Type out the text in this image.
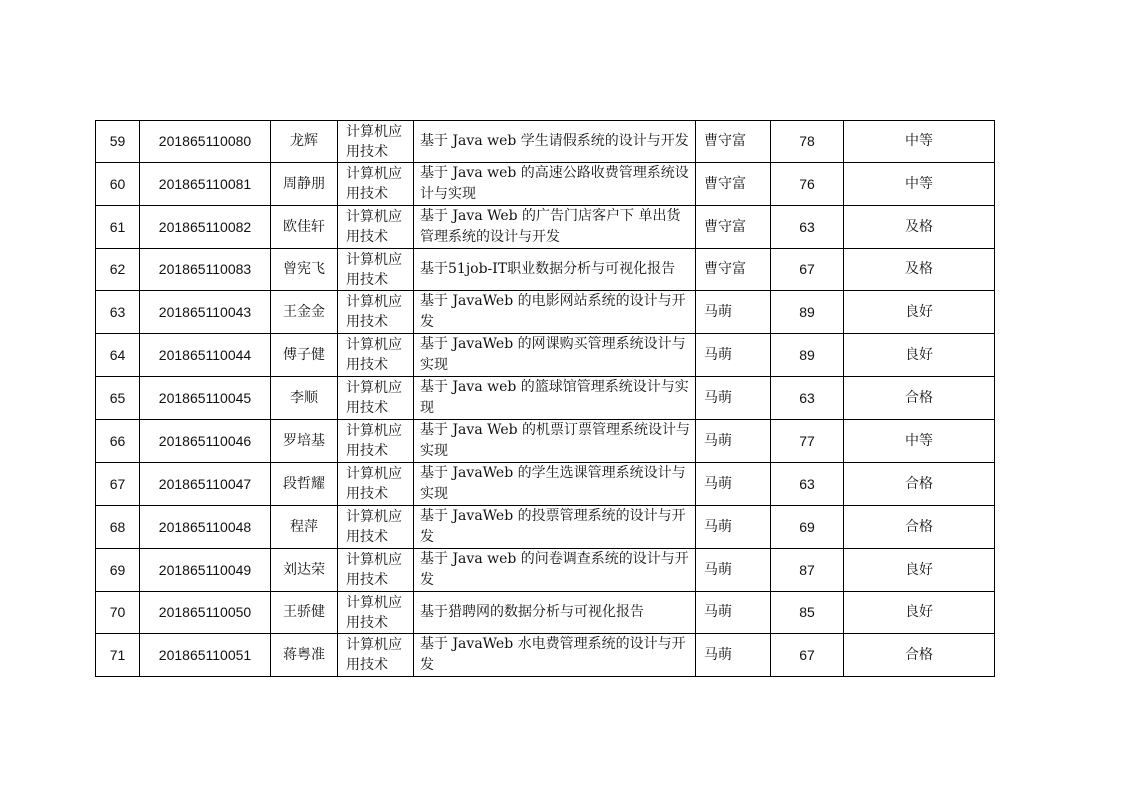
59	201865110080	龙辉	计算机应用技术	基于 Java web 学生请假系统的设计与开发	曹守富	78	中等
60	201865110081	周静朋	计算机应用技术	基于 Java web 的高速公路收费管理系统设计与实现	曹守富	76	中等
61	201865110082	欧佳轩	计算机应用技术	基于 Java Web 的广告门店客户下 单出货管理系统的设计与开发	曹守富	63	及格
62	201865110083	曾宪飞	计算机应用技术	基于51job-IT职业数据分析与可视化报告	曹守富	67	及格
63	201865110043	王金金	计算机应用技术	基于 JavaWeb 的电影网站系统的设计与开发	马萌	89	良好
64	201865110044	傅子健	计算机应用技术	基于 JavaWeb 的网课购买管理系统设计与实现	马萌	89	良好
65	201865110045	李顺	计算机应用技术	基于 Java web 的篮球馆管理系统设计与实现	马萌	63	合格
66	201865110046	罗培基	计算机应用技术	基于 Java Web 的机票订票管理系统设计与实现	马萌	77	中等
67	201865110047	段哲耀	计算机应用技术	基于 JavaWeb 的学生选课管理系统设计与实现	马萌	63	合格
68	201865110048	程萍	计算机应用技术	基于 JavaWeb 的投票管理系统的设计与开发	马萌	69	合格
69	201865110049	刘达荣	计算机应用技术	基于 Java web 的问卷调查系统的设计与开发	马萌	87	良好
70	201865110050	王骄健	计算机应用技术	基于猎聘网的数据分析与可视化报告	马萌	85	良好
71	201865110051	蒋粤准	计算机应用技术	基于 JavaWeb 水电费管理系统的设计与开发	马萌	67	合格
